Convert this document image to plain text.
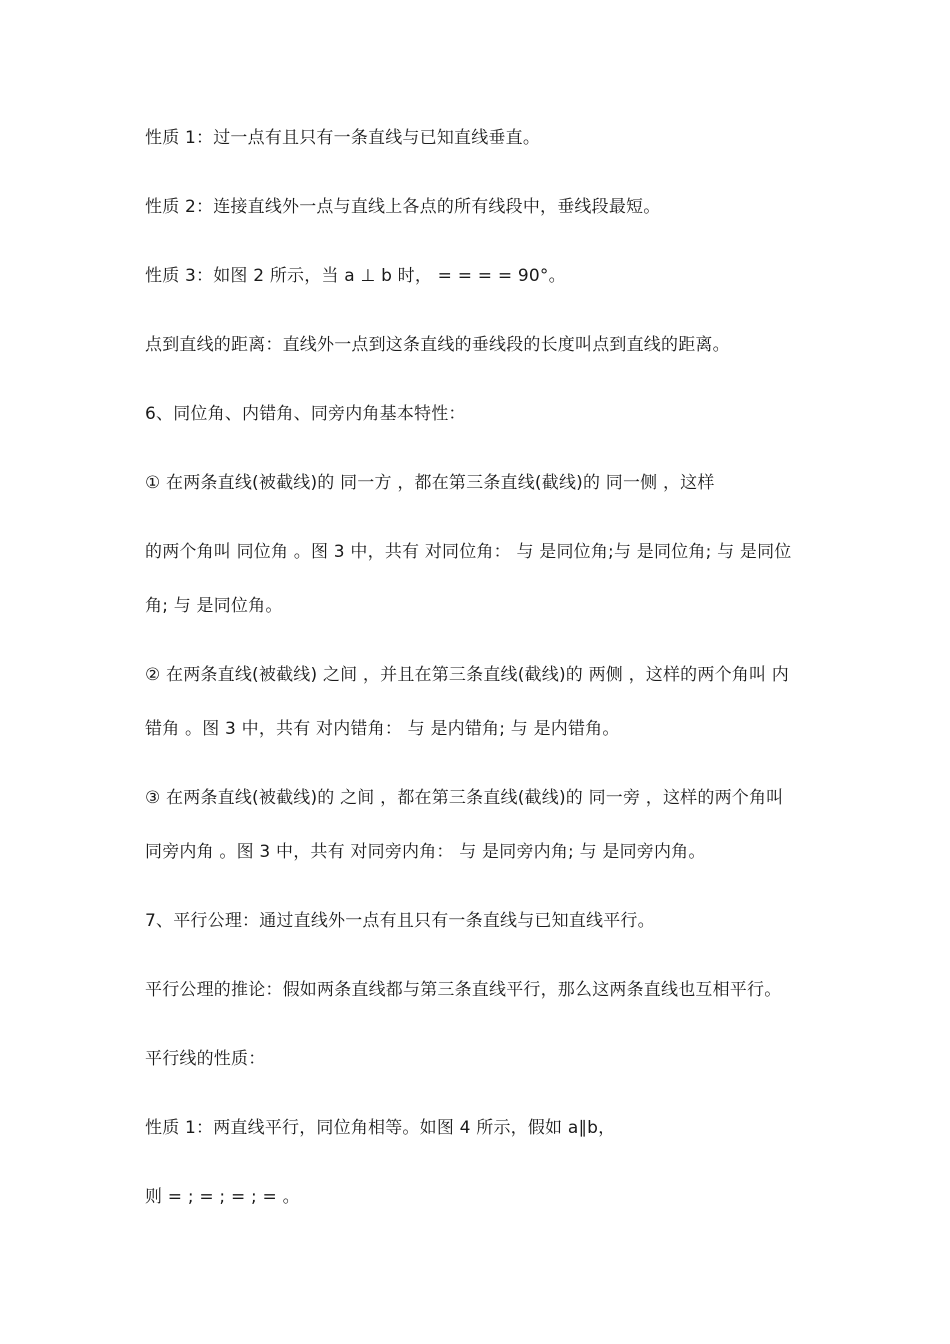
性质 1：过一点有且只有一条直线与已知直线垂直。
性质 2：连接直线外一点与直线上各点的所有线段中，垂线段最短。
性质 3：如图 2 所示，当 a ⊥ b 时， = = = = 90°。
点到直线的距离：直线外一点到这条直线的垂线段的长度叫点到直线的距离。
6、同位角、内错角、同旁内角基本特性：
① 在两条直线(被截线)的 同一方 ，都在第三条直线(截线)的 同一侧 ，这样
的两个角叫 同位角 。图 3 中，共有 对同位角： 与 是同位角;与 是同位角; 与 是同位
角; 与 是同位角。
② 在两条直线(被截线) 之间 ，并且在第三条直线(截线)的 两侧 ，这样的两个角叫 内
错角 。图 3 中，共有 对内错角： 与 是内错角; 与 是内错角。
③ 在两条直线(被截线)的 之间 ，都在第三条直线(截线)的 同一旁 ，这样的两个角叫
同旁内角 。图 3 中，共有 对同旁内角： 与 是同旁内角; 与 是同旁内角。
7、平行公理：通过直线外一点有且只有一条直线与已知直线平行。
平行公理的推论：假如两条直线都与第三条直线平行，那么这两条直线也互相平行。
平行线的性质：
性质 1：两直线平行，同位角相等。如图 4 所示，假如 a∥b，
则 = ; = ; = ; = 。
